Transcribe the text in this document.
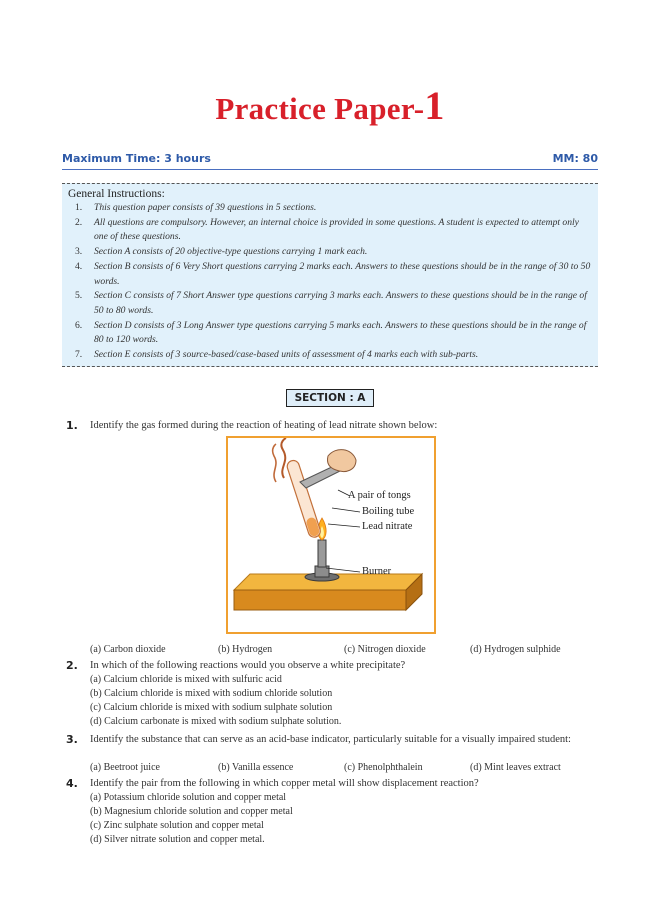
Practice Paper-1
Maximum Time: 3 hours	MM: 80
General Instructions:
1. This question paper consists of 39 questions in 5 sections.
2. All questions are compulsory. However, an internal choice is provided in some questions. A student is expected to attempt only one of these questions.
3. Section A consists of 20 objective-type questions carrying 1 mark each.
4. Section B consists of 6 Very Short questions carrying 2 marks each. Answers to these questions should be in the range of 30 to 50 words.
5. Section C consists of 7 Short Answer type questions carrying 3 marks each. Answers to these questions should be in the range of 50 to 80 words.
6. Section D consists of 3 Long Answer type questions carrying 5 marks each. Answers to these questions should be in the range of 80 to 120 words.
7. Section E consists of 3 source-based/case-based units of assessment of 4 marks each with sub-parts.
SECTION : A
1. Identify the gas formed during the reaction of heating of lead nitrate shown below:
A pair of tongs
Boiling tube
Lead nitrate
Burner
(a) Carbon dioxide	(b) Hydrogen	(c) Nitrogen dioxide	(d) Hydrogen sulphide
2. In which of the following reactions would you observe a white precipitate?
(a) Calcium chloride is mixed with sulfuric acid
(b) Calcium chloride is mixed with sodium chloride solution
(c) Calcium chloride is mixed with sodium sulphate solution
(d) Calcium carbonate is mixed with sodium sulphate solution.
3. Identify the substance that can serve as an acid-base indicator, particularly suitable for a visually impaired student:
(a) Beetroot juice	(b) Vanilla essence	(c) Phenolphthalein	(d) Mint leaves extract
4. Identify the pair from the following in which copper metal will show displacement reaction?
(a) Potassium chloride solution and copper metal
(b) Magnesium chloride solution and copper metal
(c) Zinc sulphate solution and copper metal
(d) Silver nitrate solution and copper metal.
